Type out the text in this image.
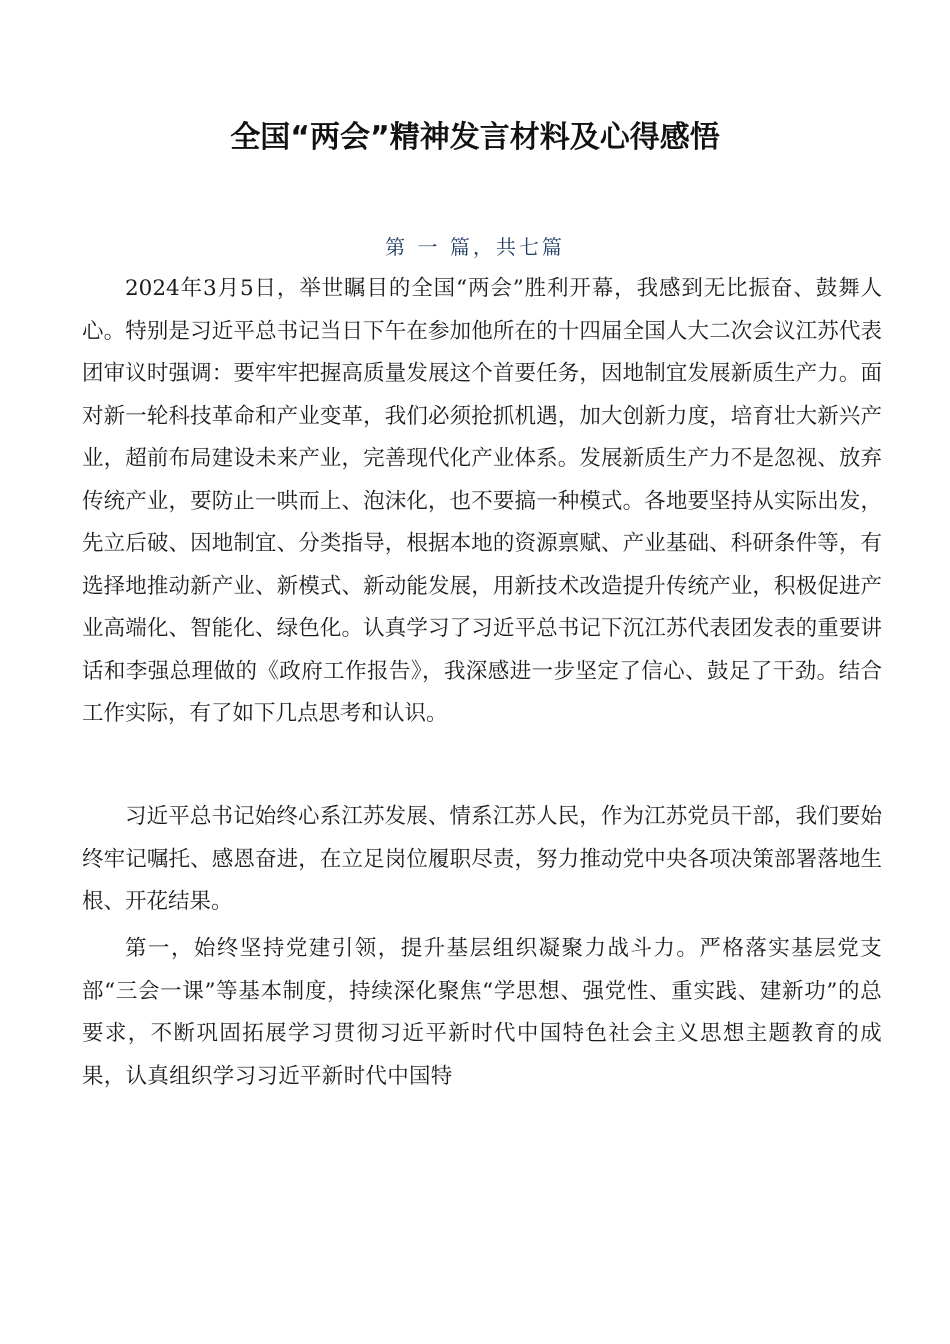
全国“两会”精神发言材料及心得感悟
第 一 篇，共七篇

2024年3月5日，举世瞩目的全国“两会”胜利开幕，我感到无比振奋、鼓舞人心。特别是习近平总书记当日下午在参加他所在的十四届全国人大二次会议江苏代表团审议时强调：要牢牢把握高质量发展这个首要任务，因地制宜发展新质生产力。面对新一轮科技革命和产业变革，我们必须抢抓机遇，加大创新力度，培育壮大新兴产业，超前布局建设未来产业，完善现代化产业体系。发展新质生产力不是忽视、放弃传统产业，要防止一哄而上、泡沫化，也不要搞一种模式。各地要坚持从实际出发，先立后破、因地制宜、分类指导，根据本地的资源禀赋、产业基础、科研条件等，有选择地推动新产业、新模式、新动能发展，用新技术改造提升传统产业，积极促进产业高端化、智能化、绿色化。认真学习了习近平总书记下沉江苏代表团发表的重要讲话和李强总理做的《政府工作报告》，我深感进一步坚定了信心、鼓足了干劲。结合工作实际，有了如下几点思考和认识。

习近平总书记始终心系江苏发展、情系江苏人民，作为江苏党员干部，我们要始终牢记嘱托、感恩奋进，在立足岗位履职尽责，努力推动党中央各项决策部署落地生根、开花结果。

第一，始终坚持党建引领，提升基层组织凝聚力战斗力。严格落实基层党支部“三会一课”等基本制度，持续深化聚焦“学思想、强党性、重实践、建新功”的总要求，不断巩固拓展学习贯彻习近平新时代中国特色社会主义思想主题教育的成果，认真组织学习习近平新时代中国特
